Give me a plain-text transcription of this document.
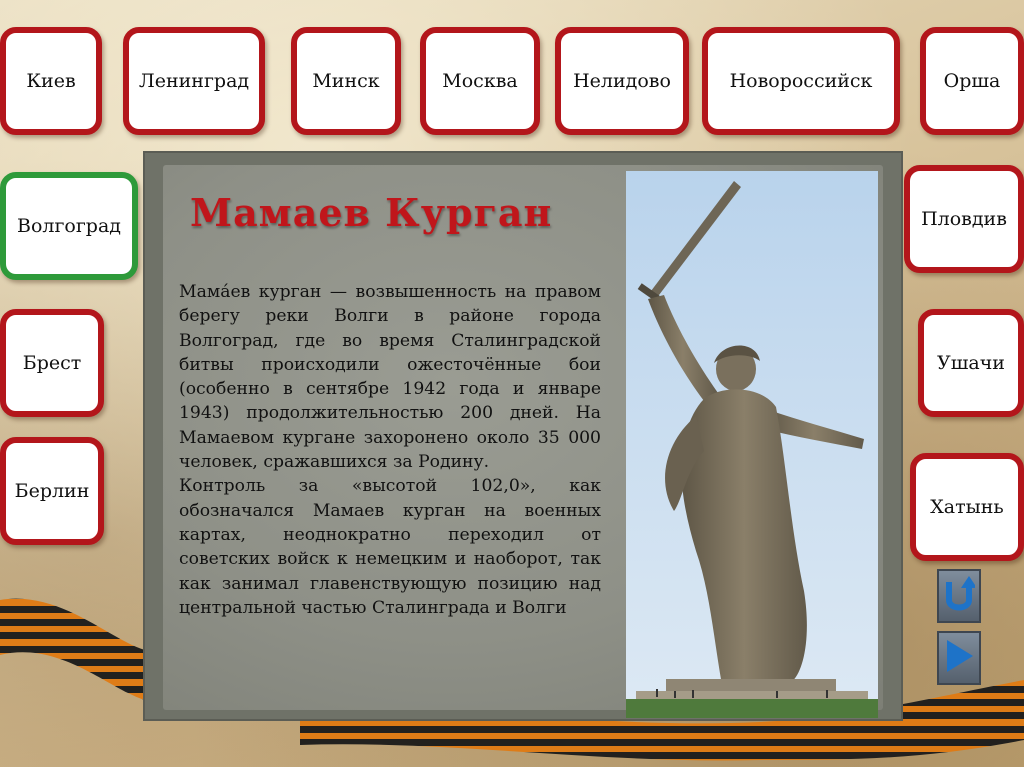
Киев	Ленинград	Минск	Москва	Нелидово	Новороссийск	Орша
Волгоград
Брест
Берлин
Пловдив
Ушачи
Хатынь
Мамаев Курган

Мама́ев курган — возвышенность на правом берегу реки Волги в районе города Волгоград, где во время Сталинградской битвы происходили ожесточённые бои (особенно в сентябре 1942 года и январе 1943) продолжительностью 200 дней. На Мамаевом кургане захоронено около 35 000 человек, сражавшихся за Родину.

Контроль за «высотой 102,0», как обозначался Мамаев курган на военных картах, неоднократно переходил от советских войск к немецким и наоборот, так как занимал главенствующую позицию над центральной частью Сталинграда и Волги
